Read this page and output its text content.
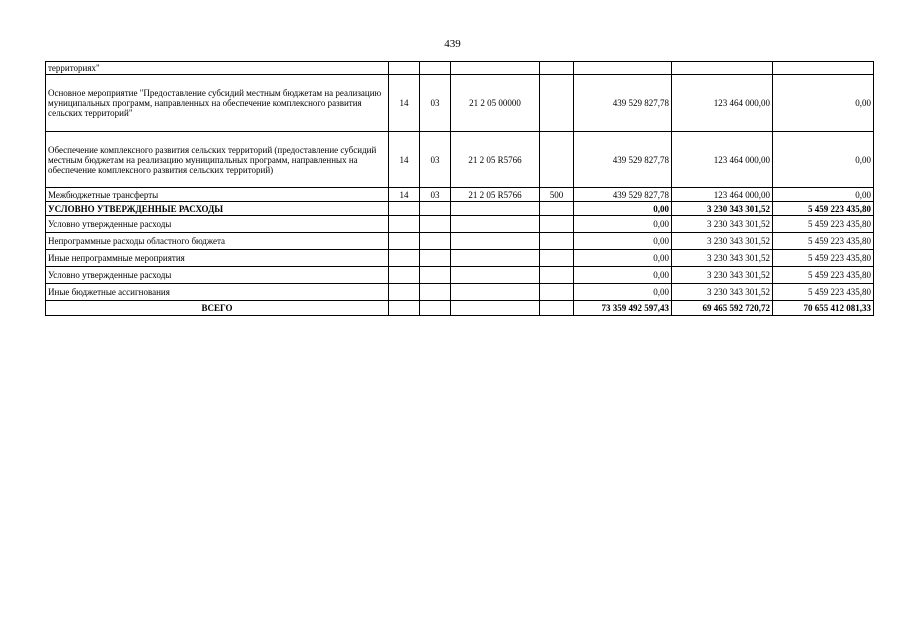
439
территориях"							
Основное мероприятие "Предоставление субсидий местным бюджетам на реализацию муниципальных программ, направленных на обеспечение комплексного развития сельских территорий"	14	03	21 2 05 00000		439 529 827,78	123 464 000,00	0,00
Обеспечение комплексного развития сельских территорий (предоставление субсидий местным бюджетам на реализацию муниципальных программ, направленных на обеспечение комплексного развития сельских территорий)	14	03	21 2 05 R5766		439 529 827,78	123 464 000,00	0,00
Межбюджетные трансферты	14	03	21 2 05 R5766	500	439 529 827,78	123 464 000,00	0,00
УСЛОВНО УТВЕРЖДЕННЫЕ РАСХОДЫ					0,00	3 230 343 301,52	5 459 223 435,80
Условно утвержденные расходы					0,00	3 230 343 301,52	5 459 223 435,80
Непрограммные расходы областного бюджета					0,00	3 230 343 301,52	5 459 223 435,80
Иные непрограммные мероприятия					0,00	3 230 343 301,52	5 459 223 435,80
Условно утвержденные расходы					0,00	3 230 343 301,52	5 459 223 435,80
Иные бюджетные ассигнования					0,00	3 230 343 301,52	5 459 223 435,80
ВСЕГО					73 359 492 597,43	69 465 592 720,72	70 655 412 081,33
